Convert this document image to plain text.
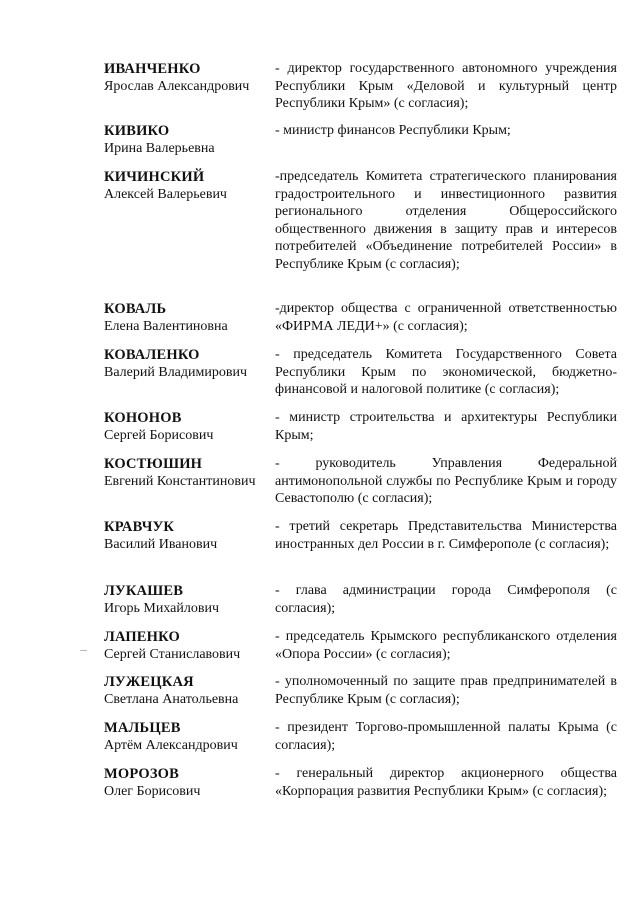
ИВАНЧЕНКО
Ярослав Александрович
- директор государственного автономного учреждения Республики Крым «Деловой и культурный центр Республики Крым» (с согласия);
КИВИКО
Ирина Валерьевна
- министр финансов Республики Крым;
КИЧИНСКИЙ
Алексей Валерьевич
-председатель Комитета стратегического планирования градостроительного и инвестиционного развития регионального отделения Общероссийского общественного движения в защиту прав и интересов потребителей «Объединение потребителей России» в Республике Крым (с согласия);
КОВАЛЬ
Елена Валентиновна
-директор общества с ограниченной ответственностью «ФИРМА ЛЕДИ+» (с согласия);
КОВАЛЕНКО
Валерий Владимирович
- председатель Комитета Государственного Совета Республики Крым по экономической, бюджетно-финансовой и налоговой политике (с согласия);
КОНОНОВ
Сергей Борисович
- министр строительства и архитектуры Республики Крым;
КОСТЮШИН
Евгений Константинович
- руководитель Управления Федеральной антимонопольной службы по Республике Крым и городу Севастополю (с согласия);
КРАВЧУК
Василий Иванович
- третий секретарь Представительства Министерства иностранных дел России в г. Симферополе (с согласия);
ЛУКАШЕВ
Игорь Михайлович
- глава администрации города Симферополя (с согласия);
ЛАПЕНКО
Сергей Станиславович
- председатель Крымского республиканского отделения «Опора России» (с согласия);
ЛУЖЕЦКАЯ
Светлана Анатольевна
- уполномоченный по защите прав предпринимателей в Республике Крым (с согласия);
МАЛЬЦЕВ
Артём Александрович
- президент Торгово-промышленной палаты Крыма (с согласия);
МОРОЗОВ
Олег Борисович
- генеральный директор акционерного общества «Корпорация развития Республики Крым» (с согласия);
